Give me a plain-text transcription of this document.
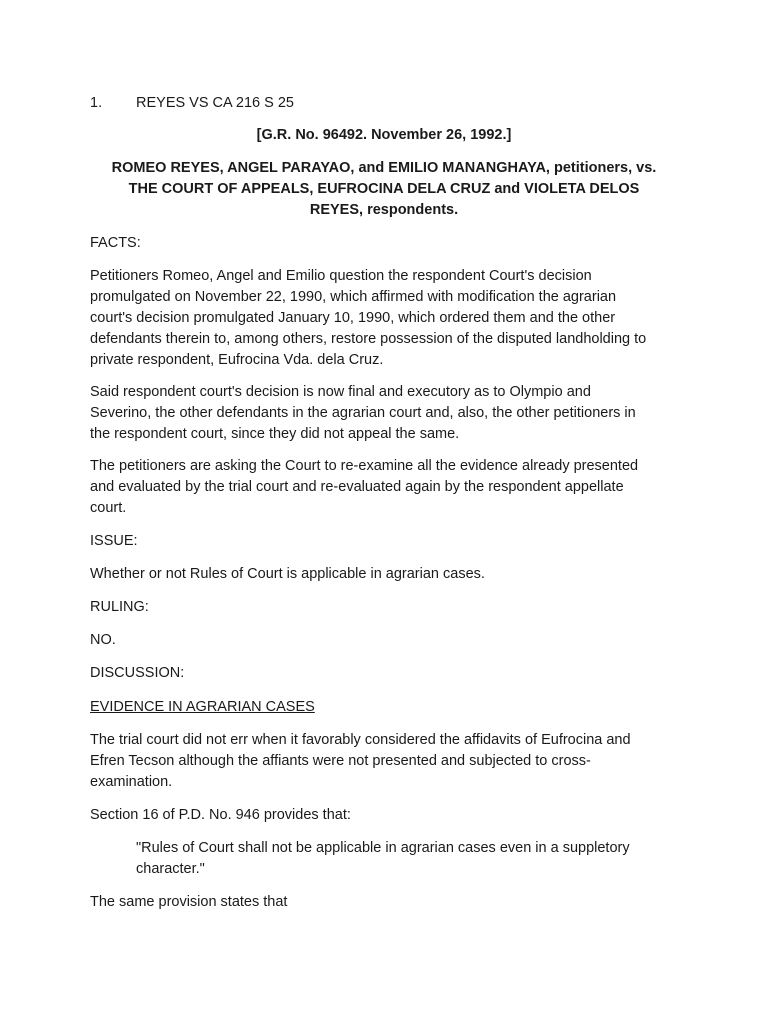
1. REYES VS CA 216 S 25
[G.R. No. 96492. November 26, 1992.]
ROMEO REYES, ANGEL PARAYAO, and EMILIO MANANGHAYA, petitioners, vs.
THE COURT OF APPEALS, EUFROCINA DELA CRUZ and VIOLETA DELOS
REYES, respondents.
FACTS:
Petitioners Romeo, Angel and Emilio question the respondent Court's decision
promulgated on November 22, 1990, which affirmed with modification the agrarian
court's decision promulgated January 10, 1990, which ordered them and the other
defendants therein to, among others, restore possession of the disputed landholding to
private respondent, Eufrocina Vda. dela Cruz.
Said respondent court's decision is now final and executory as to Olympio and
Severino, the other defendants in the agrarian court and, also, the other petitioners in
the respondent court, since they did not appeal the same.
The petitioners are asking the Court to re-examine all the evidence already presented
and evaluated by the trial court and re-evaluated again by the respondent appellate
court.
ISSUE:
Whether or not Rules of Court is applicable in agrarian cases.
RULING:
NO.
DISCUSSION:
EVIDENCE IN AGRARIAN CASES
The trial court did not err when it favorably considered the affidavits of Eufrocina and
Efren Tecson although the affiants were not presented and subjected to cross-
examination.
Section 16 of P.D. No. 946 provides that:
"Rules of Court shall not be applicable in agrarian cases even in a suppletory
character."
The same provision states that
